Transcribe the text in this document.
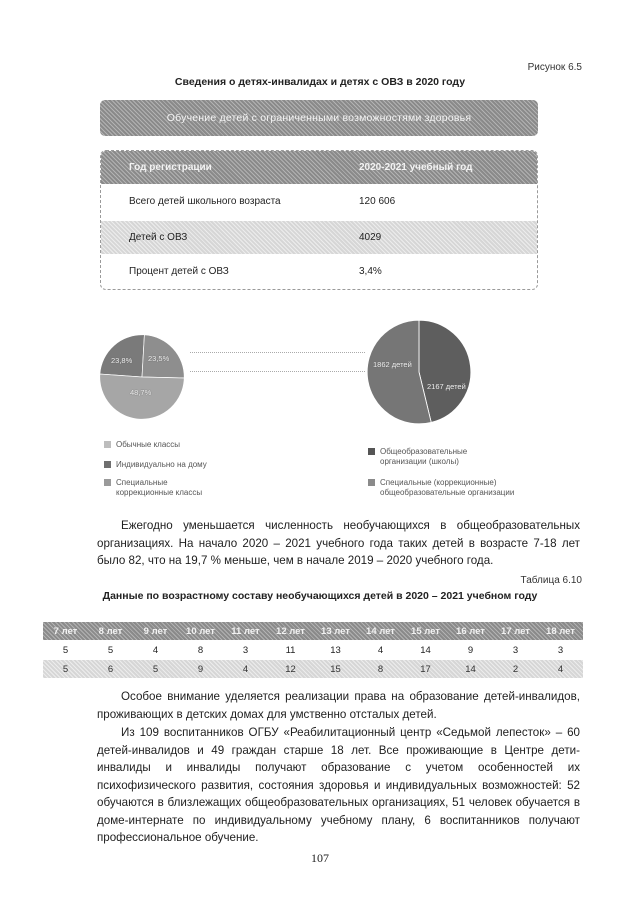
Рисунок 6.5
Сведения о детях-инвалидах и детях с ОВЗ в 2020 году
Обучение детей с ограниченными возможностями здоровья
Год регистрации	2020-2021 учебный год
Всего детей школьного возраста	120 606
Детей с ОВЗ	4029
Процент детей с ОВЗ	3,4%
23,8% 23,5%
48,7%
1862 детей
2167 детей
Обычные классы
Индивидуально на дому
Специальные коррекционные классы
Общеобразовательные организации (школы)
Специальные (коррекционные) общеобразовательные организации

Ежегодно уменьшается численность необучающихся в общеобразовательных организациях. На начало 2020 – 2021 учебного года таких детей в возрасте 7-18 лет было 82, что на 19,7 % меньше, чем в начале 2019 – 2020 учебного года.

Таблица 6.10
Данные по возрастному составу необучающихся детей в 2020 – 2021 учебном году
7 лет	8 лет	9 лет	10 лет	11 лет	12 лет	13 лет	14 лет	15 лет	16 лет	17 лет	18 лет
5	5	4	8	3	11	13	4	14	9	3	3
5	6	5	9	4	12	15	8	17	14	2	4

Особое внимание уделяется реализации права на образование детей-инвалидов, проживающих в детских домах для умственно отсталых детей.

Из 109 воспитанников ОГБУ «Реабилитационный центр «Седьмой лепесток» – 60 детей-инвалидов и 49 граждан старше 18 лет. Все проживающие в Центре дети-инвалиды и инвалиды получают образование с учетом особенностей их психофизического развития, состояния здоровья и индивидуальных возможностей: 52 обучаются в близлежащих общеобразовательных организациях, 51 человек обучается в доме-интернате по индивидуальному учебному плану, 6 воспитанников получают профессиональное обучение.

107
